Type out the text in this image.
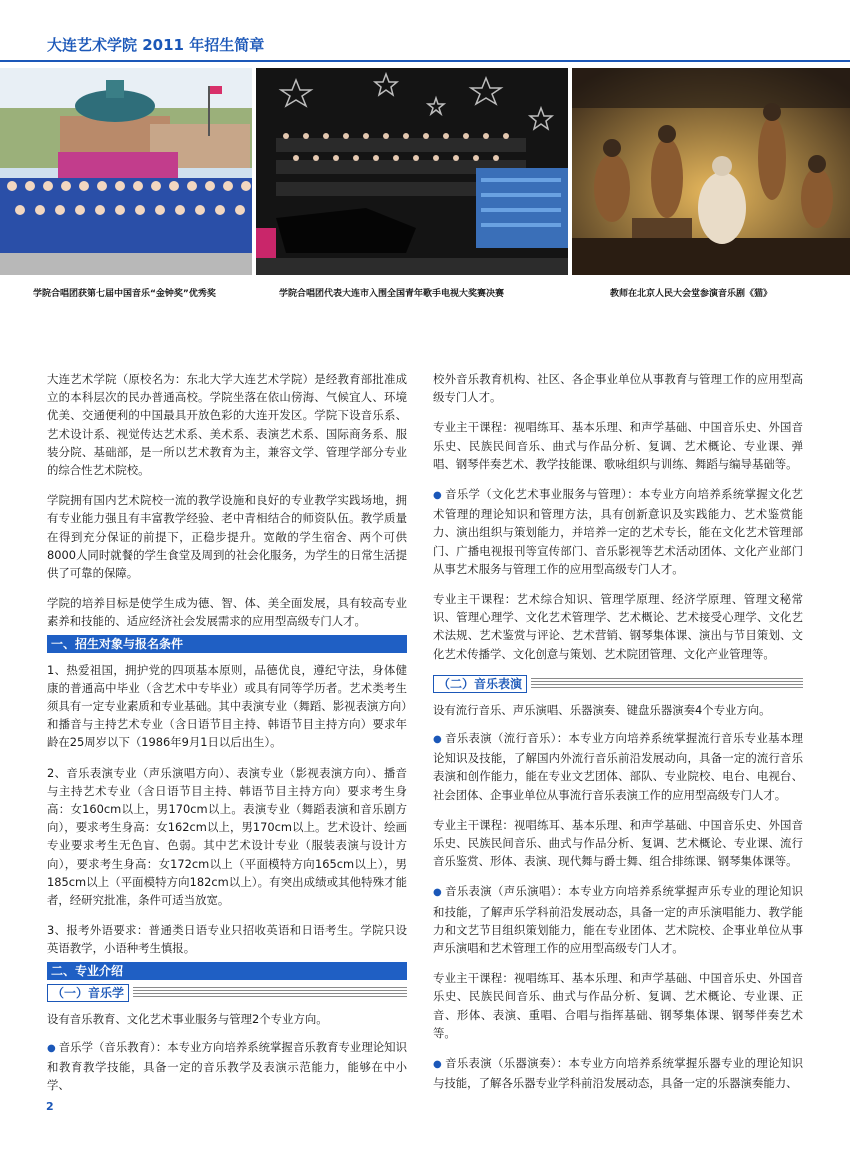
大连艺术学院 2011 年招生简章
学院合唱团获第七届中国音乐“金钟奖”优秀奖	学院合唱团代表大连市入围全国青年歌手电视大奖赛决赛	教师在北京人民大会堂参演音乐剧《猫》

大连艺术学院（原校名为：东北大学大连艺术学院）是经教育部批准成立的本科层次的民办普通高校。学院坐落在依山傍海、气候宜人、环境优美、交通便利的中国最具开放色彩的大连开发区。学院下设音乐系、艺术设计系、视觉传达艺术系、美术系、表演艺术系、国际商务系、服装分院、基础部，是一所以艺术教育为主，兼容文学、管理学部分专业的综合性艺术院校。

学院拥有国内艺术院校一流的教学设施和良好的专业教学实践场地，拥有专业能力强且有丰富教学经验、老中青相结合的师资队伍。教学质量在得到充分保证的前提下，正稳步提升。宽敞的学生宿舍、两个可供8000人同时就餐的学生食堂及周到的社会化服务，为学生的日常生活提供了可靠的保障。

学院的培养目标是使学生成为德、智、体、美全面发展，具有较高专业素养和技能的、适应经济社会发展需求的应用型高级专门人才。

一、招生对象与报名条件

1、热爱祖国，拥护党的四项基本原则，品德优良，遵纪守法，身体健康的普通高中毕业（含艺术中专毕业）或具有同等学历者。艺术类考生须具有一定专业素质和专业基础。其中表演专业（舞蹈、影视表演方向）和播音与主持艺术专业（含日语节目主持、韩语节目主持方向）要求年龄在25周岁以下（1986年9月1日以后出生）。

2、音乐表演专业（声乐演唱方向）、表演专业（影视表演方向）、播音与主持艺术专业（含日语节目主持、韩语节目主持方向）要求考生身高：女160cm以上，男170cm以上。表演专业（舞蹈表演和音乐剧方向），要求考生身高：女162cm以上，男170cm以上。艺术设计、绘画专业要求考生无色盲、色弱。其中艺术设计专业（服装表演与设计方向），要求考生身高：女172cm以上（平面模特方向165cm以上），男185cm以上（平面模特方向182cm以上）。有突出成绩或其他特殊才能者，经研究批准，条件可适当放宽。

3、报考外语要求：普通类日语专业只招收英语和日语考生。学院只设英语教学，小语种考生慎报。

二、专业介绍
（一）音乐学

设有音乐教育、文化艺术事业服务与管理2个专业方向。

● 音乐学（音乐教育）：本专业方向培养系统掌握音乐教育专业理论知识和教育教学技能，具备一定的音乐教学及表演示范能力，能够在中小学、

校外音乐教育机构、社区、各企事业单位从事教育与管理工作的应用型高级专门人才。

专业主干课程：视唱练耳、基本乐理、和声学基础、中国音乐史、外国音乐史、民族民间音乐、曲式与作品分析、复调、艺术概论、专业课、弹唱、钢琴伴奏艺术、教学技能课、歌咏组织与训练、舞蹈与编导基础等。

● 音乐学（文化艺术事业服务与管理）：本专业方向培养系统掌握文化艺术管理的理论知识和管理方法，具有创新意识及实践能力、艺术鉴赏能力、演出组织与策划能力，并培养一定的艺术专长，能在文化艺术管理部门、广播电视报刊等宣传部门、音乐影视等艺术活动团体、文化产业部门从事艺术服务与管理工作的应用型高级专门人才。

专业主干课程：艺术综合知识、管理学原理、经济学原理、管理文秘常识、管理心理学、文化艺术管理学、艺术概论、艺术接受心理学、文化艺术法规、艺术鉴赏与评论、艺术营销、钢琴集体课、演出与节目策划、文化艺术传播学、文化创意与策划、艺术院团管理、文化产业管理等。

（二）音乐表演

设有流行音乐、声乐演唱、乐器演奏、键盘乐器演奏4个专业方向。

● 音乐表演（流行音乐）：本专业方向培养系统掌握流行音乐专业基本理论知识及技能，了解国内外流行音乐前沿发展动向，具备一定的流行音乐表演和创作能力，能在专业文艺团体、部队、专业院校、电台、电视台、社会团体、企事业单位从事流行音乐表演工作的应用型高级专门人才。

专业主干课程：视唱练耳、基本乐理、和声学基础、中国音乐史、外国音乐史、民族民间音乐、曲式与作品分析、复调、艺术概论、专业课、流行音乐鉴赏、形体、表演、现代舞与爵士舞、组合排练课、钢琴集体课等。

● 音乐表演（声乐演唱）：本专业方向培养系统掌握声乐专业的理论知识和技能，了解声乐学科前沿发展动态，具备一定的声乐演唱能力、教学能力和文艺节目组织策划能力，能在专业团体、艺术院校、企事业单位从事声乐演唱和艺术管理工作的应用型高级专门人才。

专业主干课程：视唱练耳、基本乐理、和声学基础、中国音乐史、外国音乐史、民族民间音乐、曲式与作品分析、复调、艺术概论、专业课、正音、形体、表演、重唱、合唱与指挥基础、钢琴集体课、钢琴伴奏艺术等。

● 音乐表演（乐器演奏）：本专业方向培养系统掌握乐器专业的理论知识与技能，了解各乐器专业学科前沿发展动态，具备一定的乐器演奏能力、

2
